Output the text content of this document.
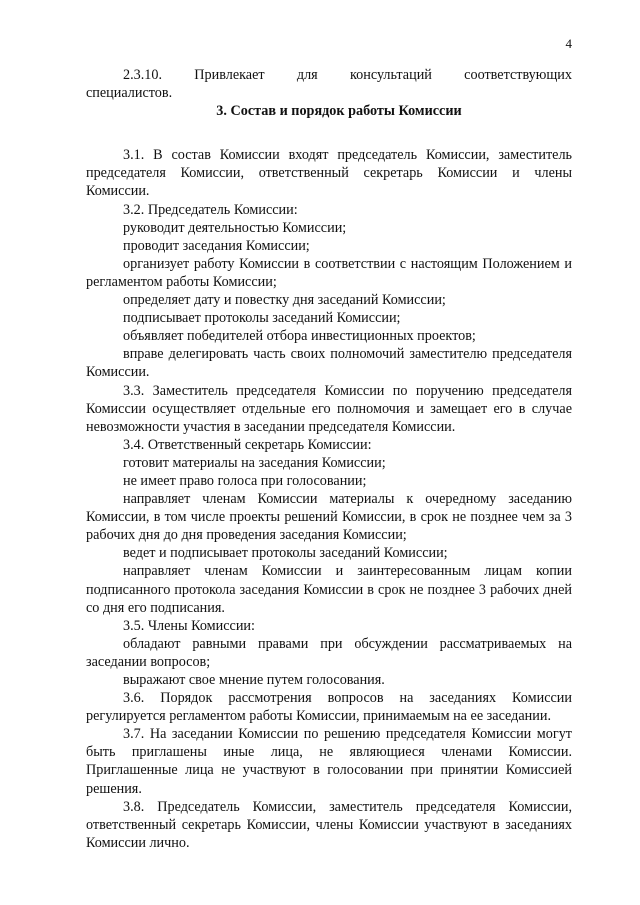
4
2.3.10. Привлекает для консультаций соответствующих

специалистов.

3. Состав и порядок работы Комиссии

3.1. В состав Комиссии входят председатель Комиссии, заместитель председателя Комиссии, ответственный секретарь Комиссии и члены Комиссии.

3.2. Председатель Комиссии:

руководит деятельностью Комиссии;

проводит заседания Комиссии;

организует работу Комиссии в соответствии с настоящим Положением и регламентом работы Комиссии;

определяет дату и повестку дня заседаний Комиссии;

подписывает протоколы заседаний Комиссии;

объявляет победителей отбора инвестиционных проектов;

вправе делегировать часть своих полномочий заместителю председателя Комиссии.

3.3. Заместитель председателя Комиссии по поручению председателя Комиссии осуществляет отдельные его полномочия и замещает его в случае невозможности участия в заседании председателя Комиссии.

3.4. Ответственный секретарь Комиссии:

готовит материалы на заседания Комиссии;

не имеет право голоса при голосовании;

направляет членам Комиссии материалы к очередному заседанию Комиссии, в том числе проекты решений Комиссии, в срок не позднее чем за 3 рабочих дня до дня проведения заседания Комиссии;

ведет и подписывает протоколы заседаний Комиссии;

направляет членам Комиссии и заинтересованным лицам копии подписанного протокола заседания Комиссии в срок не позднее 3 рабочих дней со дня его подписания.

3.5. Члены Комиссии:

обладают равными правами при обсуждении рассматриваемых на заседании вопросов;

выражают свое мнение путем голосования.

3.6. Порядок рассмотрения вопросов на заседаниях Комиссии регулируется регламентом работы Комиссии, принимаемым на ее заседании.

3.7. На заседании Комиссии по решению председателя Комиссии могут быть приглашены иные лица, не являющиеся членами Комиссии. Приглашенные лица не участвуют в голосовании при принятии Комиссией решения.

3.8. Председатель Комиссии, заместитель председателя Комиссии, ответственный секретарь Комиссии, члены Комиссии участвуют в заседаниях Комиссии лично.
